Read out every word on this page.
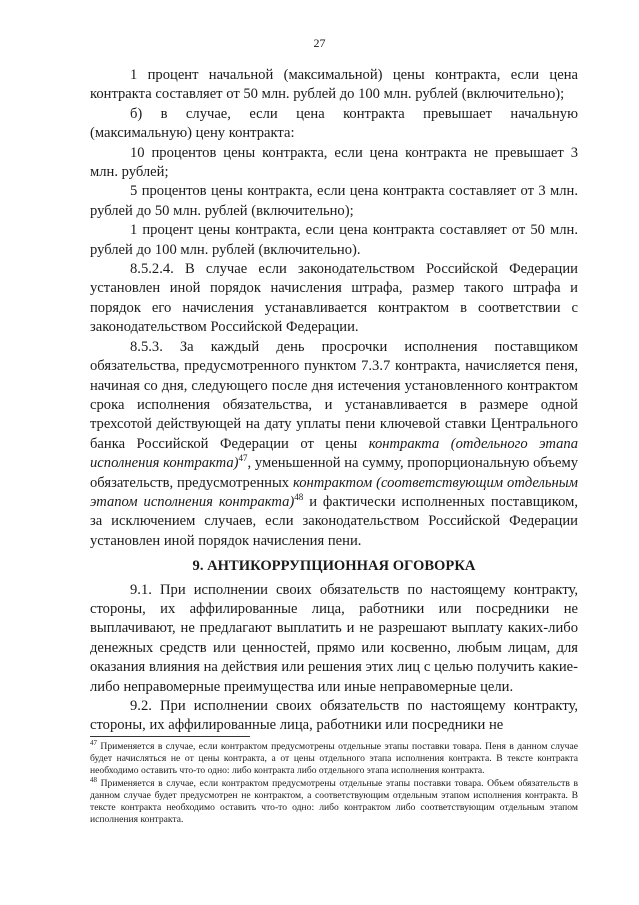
27

1 процент начальной (максимальной) цены контракта, если цена контракта составляет от 50 млн. рублей до 100 млн. рублей (включительно);

б) в случае, если цена контракта превышает начальную (максимальную) цену контракта:

10 процентов цены контракта, если цена контракта не превышает 3 млн. рублей;

5 процентов цены контракта, если цена контракта составляет от 3 млн. рублей до 50 млн. рублей (включительно);

1 процент цены контракта, если цена контракта составляет от 50 млн. рублей до 100 млн. рублей (включительно).

8.5.2.4. В случае если законодательством Российской Федерации установлен иной порядок начисления штрафа, размер такого штрафа и порядок его начисления устанавливается контрактом в соответствии с законодательством Российской Федерации.

8.5.3. За каждый день просрочки исполнения поставщиком обязательства, предусмотренного пунктом 7.3.7 контракта, начисляется пеня, начиная со дня, следующего после дня истечения установленного контрактом срока исполнения обязательства, и устанавливается в размере одной трехсотой действующей на дату уплаты пени ключевой ставки Центрального банка Российской Федерации от цены контракта (отдельного этапа исполнения контракта)$^{47}$, уменьшенной на сумму, пропорциональную объему обязательств, предусмотренных контрактом (соответствующим отдельным этапом исполнения контракта)$^{48}$ и фактически исполненных поставщиком, за исключением случаев, если законодательством Российской Федерации установлен иной порядок начисления пени.

9. АНТИКОРРУПЦИОННАЯ ОГОВОРКА

9.1. При исполнении своих обязательств по настоящему контракту, стороны, их аффилированные лица, работники или посредники не выплачивают, не предлагают выплатить и не разрешают выплату каких-либо денежных средств или ценностей, прямо или косвенно, любым лицам, для оказания влияния на действия или решения этих лиц с целью получить какие-либо неправомерные преимущества или иные неправомерные цели.

9.2. При исполнении своих обязательств по настоящему контракту, стороны, их аффилированные лица, работники или посредники не

$^{47}$ Применяется в случае, если контрактом предусмотрены отдельные этапы поставки товара. Пеня в данном случае будет начисляться не от цены контракта, а от цены отдельного этапа исполнения контракта. В тексте контракта необходимо оставить что-то одно: либо контракта либо отдельного этапа исполнения контракта.

$^{48}$ Применяется в случае, если контрактом предусмотрены отдельные этапы поставки товара. Объем обязательств в данном случае будет предусмотрен не контрактом, а соответствующим отдельным этапом исполнения контракта. В тексте контракта необходимо оставить что-то одно: либо контрактом либо соответствующим отдельным этапом исполнения контракта.
